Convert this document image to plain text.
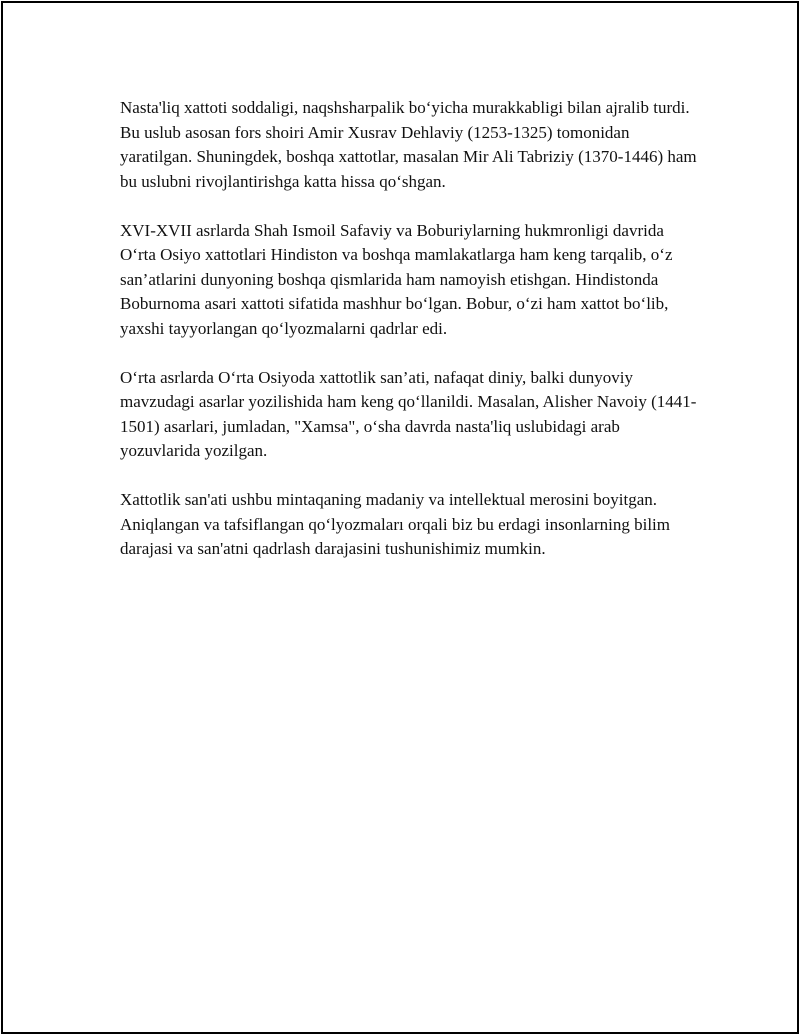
Nasta'liq xattoti soddaligi, naqshsharpalik bo‘yicha murakkabligi bilan ajralib turdi. Bu uslub asosan fors shoiri Amir Xusrav Dehlaviy (1253-1325) tomonidan yaratilgan. Shuningdek, boshqa xattotlar, masalan Mir Ali Tabriziy (1370-1446) ham bu uslubni rivojlantirishga katta hissa qo‘shgan.

XVI-XVII asrlarda Shah Ismoil Safaviy va Boburiylarning hukmronligi davrida O‘rta Osiyo xattotlari Hindiston va boshqa mamlakatlarga ham keng tarqalib, o‘z san’atlarini dunyoning boshqa qismlarida ham namoyish etishgan. Hindistonda Boburnoma asari xattoti sifatida mashhur bo‘lgan. Bobur, o‘zi ham xattot bo‘lib, yaxshi tayyorlangan qo‘lyozmalarni qadrlar edi.

O‘rta asrlarda O‘rta Osiyoda xattotlik san’ati, nafaqat diniy, balki dunyoviy mavzudagi asarlar yozilishida ham keng qo‘llanildi. Masalan, Alisher Navoiy (1441-1501) asarlari, jumladan, "Xamsa", o‘sha davrda nasta'liq uslubidagi arab yozuvlarida yozilgan.

Xattotlik san'ati ushbu mintaqaning madaniy va intellektual merosini boyitgan. Aniqlangan va tafsiflangan qo‘lyozmaları orqali biz bu erdagi insonlarning bilim darajasi va san'atni qadrlash darajasini tushunishimiz mumkin.
